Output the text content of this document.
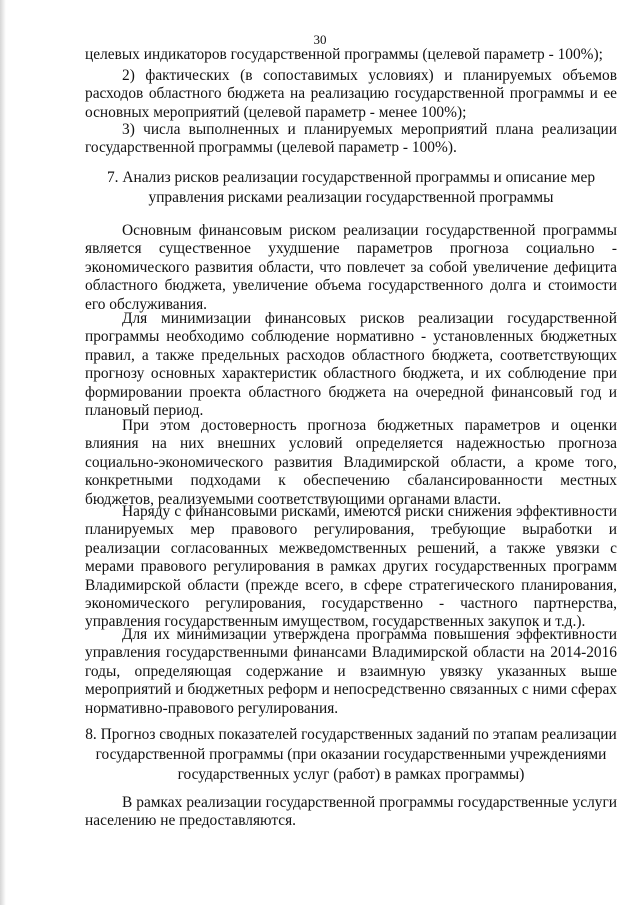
30

целевых индикаторов государственной программы (целевой параметр - 100%);

2) фактических (в сопоставимых условиях) и планируемых объемов расходов областного бюджета на реализацию государственной программы и ее основных мероприятий (целевой параметр - менее 100%);

3) числа выполненных и планируемых мероприятий плана реализации государственной программы (целевой параметр - 100%).

7. Анализ рисков реализации государственной программы и описание мер
управления рисками реализации государственной программы

Основным финансовым риском реализации государственной программы является существенное ухудшение параметров прогноза социально - экономического развития области, что повлечет за собой увеличение дефицита областного бюджета, увеличение объема государственного долга и стоимости его обслуживания.

Для минимизации финансовых рисков реализации государственной программы необходимо соблюдение нормативно - установленных бюджетных правил, а также предельных расходов областного бюджета, соответствующих прогнозу основных характеристик областного бюджета, и их соблюдение при формировании проекта областного бюджета на очередной финансовый год и плановый период.

При этом достоверность прогноза бюджетных параметров и оценки влияния на них внешних условий определяется надежностью прогноза социально-экономического развития Владимирской области, а кроме того, конкретными подходами к обеспечению сбалансированности местных бюджетов, реализуемыми соответствующими органами власти.

Наряду с финансовыми рисками, имеются риски снижения эффективности планируемых мер правового регулирования, требующие выработки и реализации согласованных межведомственных решений, а также увязки с мерами правового регулирования в рамках других государственных программ Владимирской области (прежде всего, в сфере стратегического планирования, экономического регулирования, государственно - частного партнерства, управления государственным имуществом, государственных закупок и т.д.).

Для их минимизации утверждена программа повышения эффективности управления государственными финансами Владимирской области на 2014-2016 годы, определяющая содержание и взаимную увязку указанных выше мероприятий и бюджетных реформ и непосредственно связанных с ними сферах нормативно-правового регулирования.

8. Прогноз сводных показателей государственных заданий по этапам реализации
государственной программы (при оказании государственными учреждениями
государственных услуг (работ) в рамках программы)

В рамках реализации государственной программы государственные услуги населению не предоставляются.
